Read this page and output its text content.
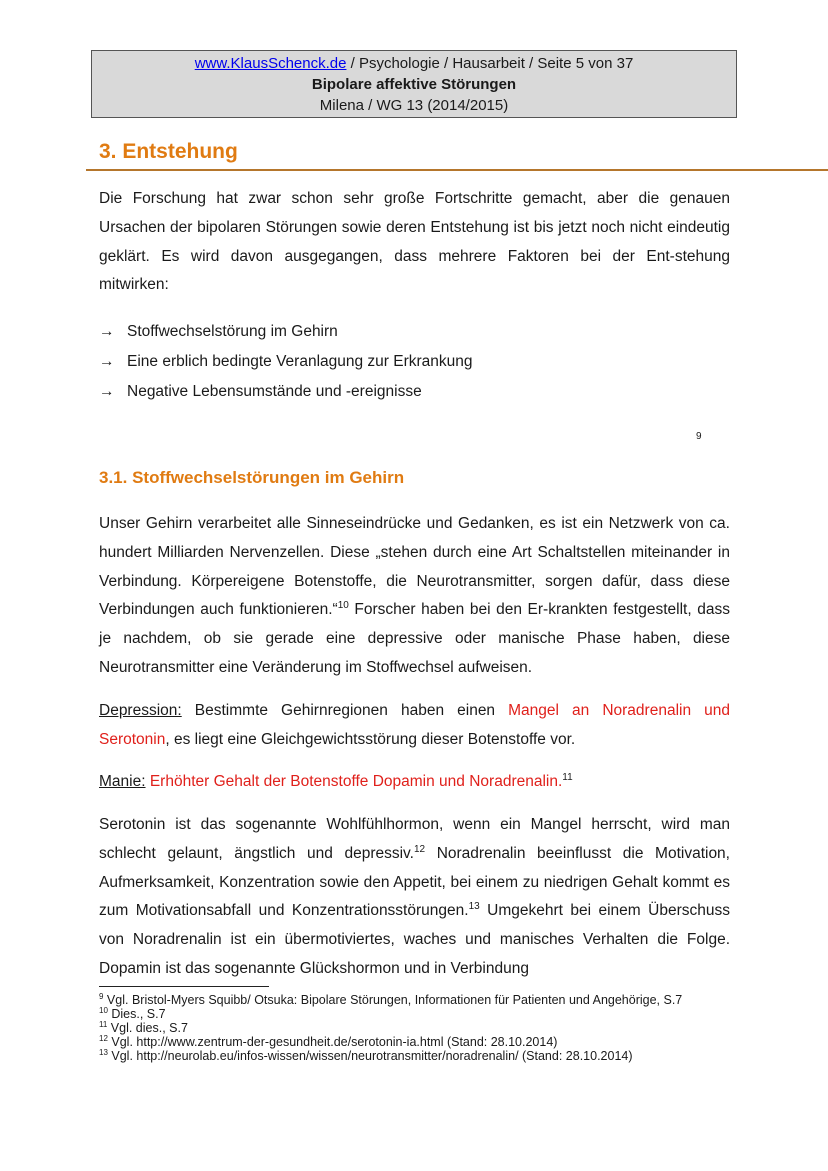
www.KlausSchenck.de / Psychologie / Hausarbeit / Seite 5 von 37
Bipolare affektive Störungen
Milena / WG 13 (2014/2015)
3. Entstehung

Die Forschung hat zwar schon sehr große Fortschritte gemacht, aber die genauen Ursachen der bipolaren Störungen sowie deren Entstehung ist bis jetzt noch nicht eindeutig geklärt. Es wird davon ausgegangen, dass mehrere Faktoren bei der Ent-stehung mitwirken:

→ Stoffwechselstörung im Gehirn
→ Eine erblich bedingte Veranlagung zur Erkrankung
→ Negative Lebensumstände und -ereignisse
9
3.1. Stoffwechselstörungen im Gehirn

Unser Gehirn verarbeitet alle Sinneseindrücke und Gedanken, es ist ein Netzwerk von ca. hundert Milliarden Nervenzellen. Diese „stehen durch eine Art Schaltstellen miteinander in Verbindung. Körpereigene Botenstoffe, die Neurotransmitter, sorgen dafür, dass diese Verbindungen auch funktionieren.“$^{10}$ Forscher haben bei den Er-krankten festgestellt, dass je nachdem, ob sie gerade eine depressive oder manische Phase haben, diese Neurotransmitter eine Veränderung im Stoffwechsel aufweisen.

Depression: Bestimmte Gehirnregionen haben einen Mangel an Noradrenalin und Serotonin, es liegt eine Gleichgewichtsstörung dieser Botenstoffe vor.

Manie: Erhöhter Gehalt der Botenstoffe Dopamin und Noradrenalin.$^{11}$

Serotonin ist das sogenannte Wohlfühlhormon, wenn ein Mangel herrscht, wird man schlecht gelaunt, ängstlich und depressiv.$^{12}$ Noradrenalin beeinflusst die Motivation, Aufmerksamkeit, Konzentration sowie den Appetit, bei einem zu niedrigen Gehalt kommt es zum Motivationsabfall und Konzentrationsstörungen.$^{13}$ Umgekehrt bei einem Überschuss von Noradrenalin ist ein übermotiviertes, waches und manisches Verhalten die Folge. Dopamin ist das sogenannte Glückshormon und in Verbindung

$^9$ Vgl. Bristol-Myers Squibb/ Otsuka: Bipolare Störungen, Informationen für Patienten und Angehörige, S.7
$^{10}$ Dies., S.7
$^{11}$ Vgl. dies., S.7
$^{12}$ Vgl. http://www.zentrum-der-gesundheit.de/serotonin-ia.html (Stand: 28.10.2014)
$^{13}$ Vgl. http://neurolab.eu/infos-wissen/wissen/neurotransmitter/noradrenalin/ (Stand: 28.10.2014)
